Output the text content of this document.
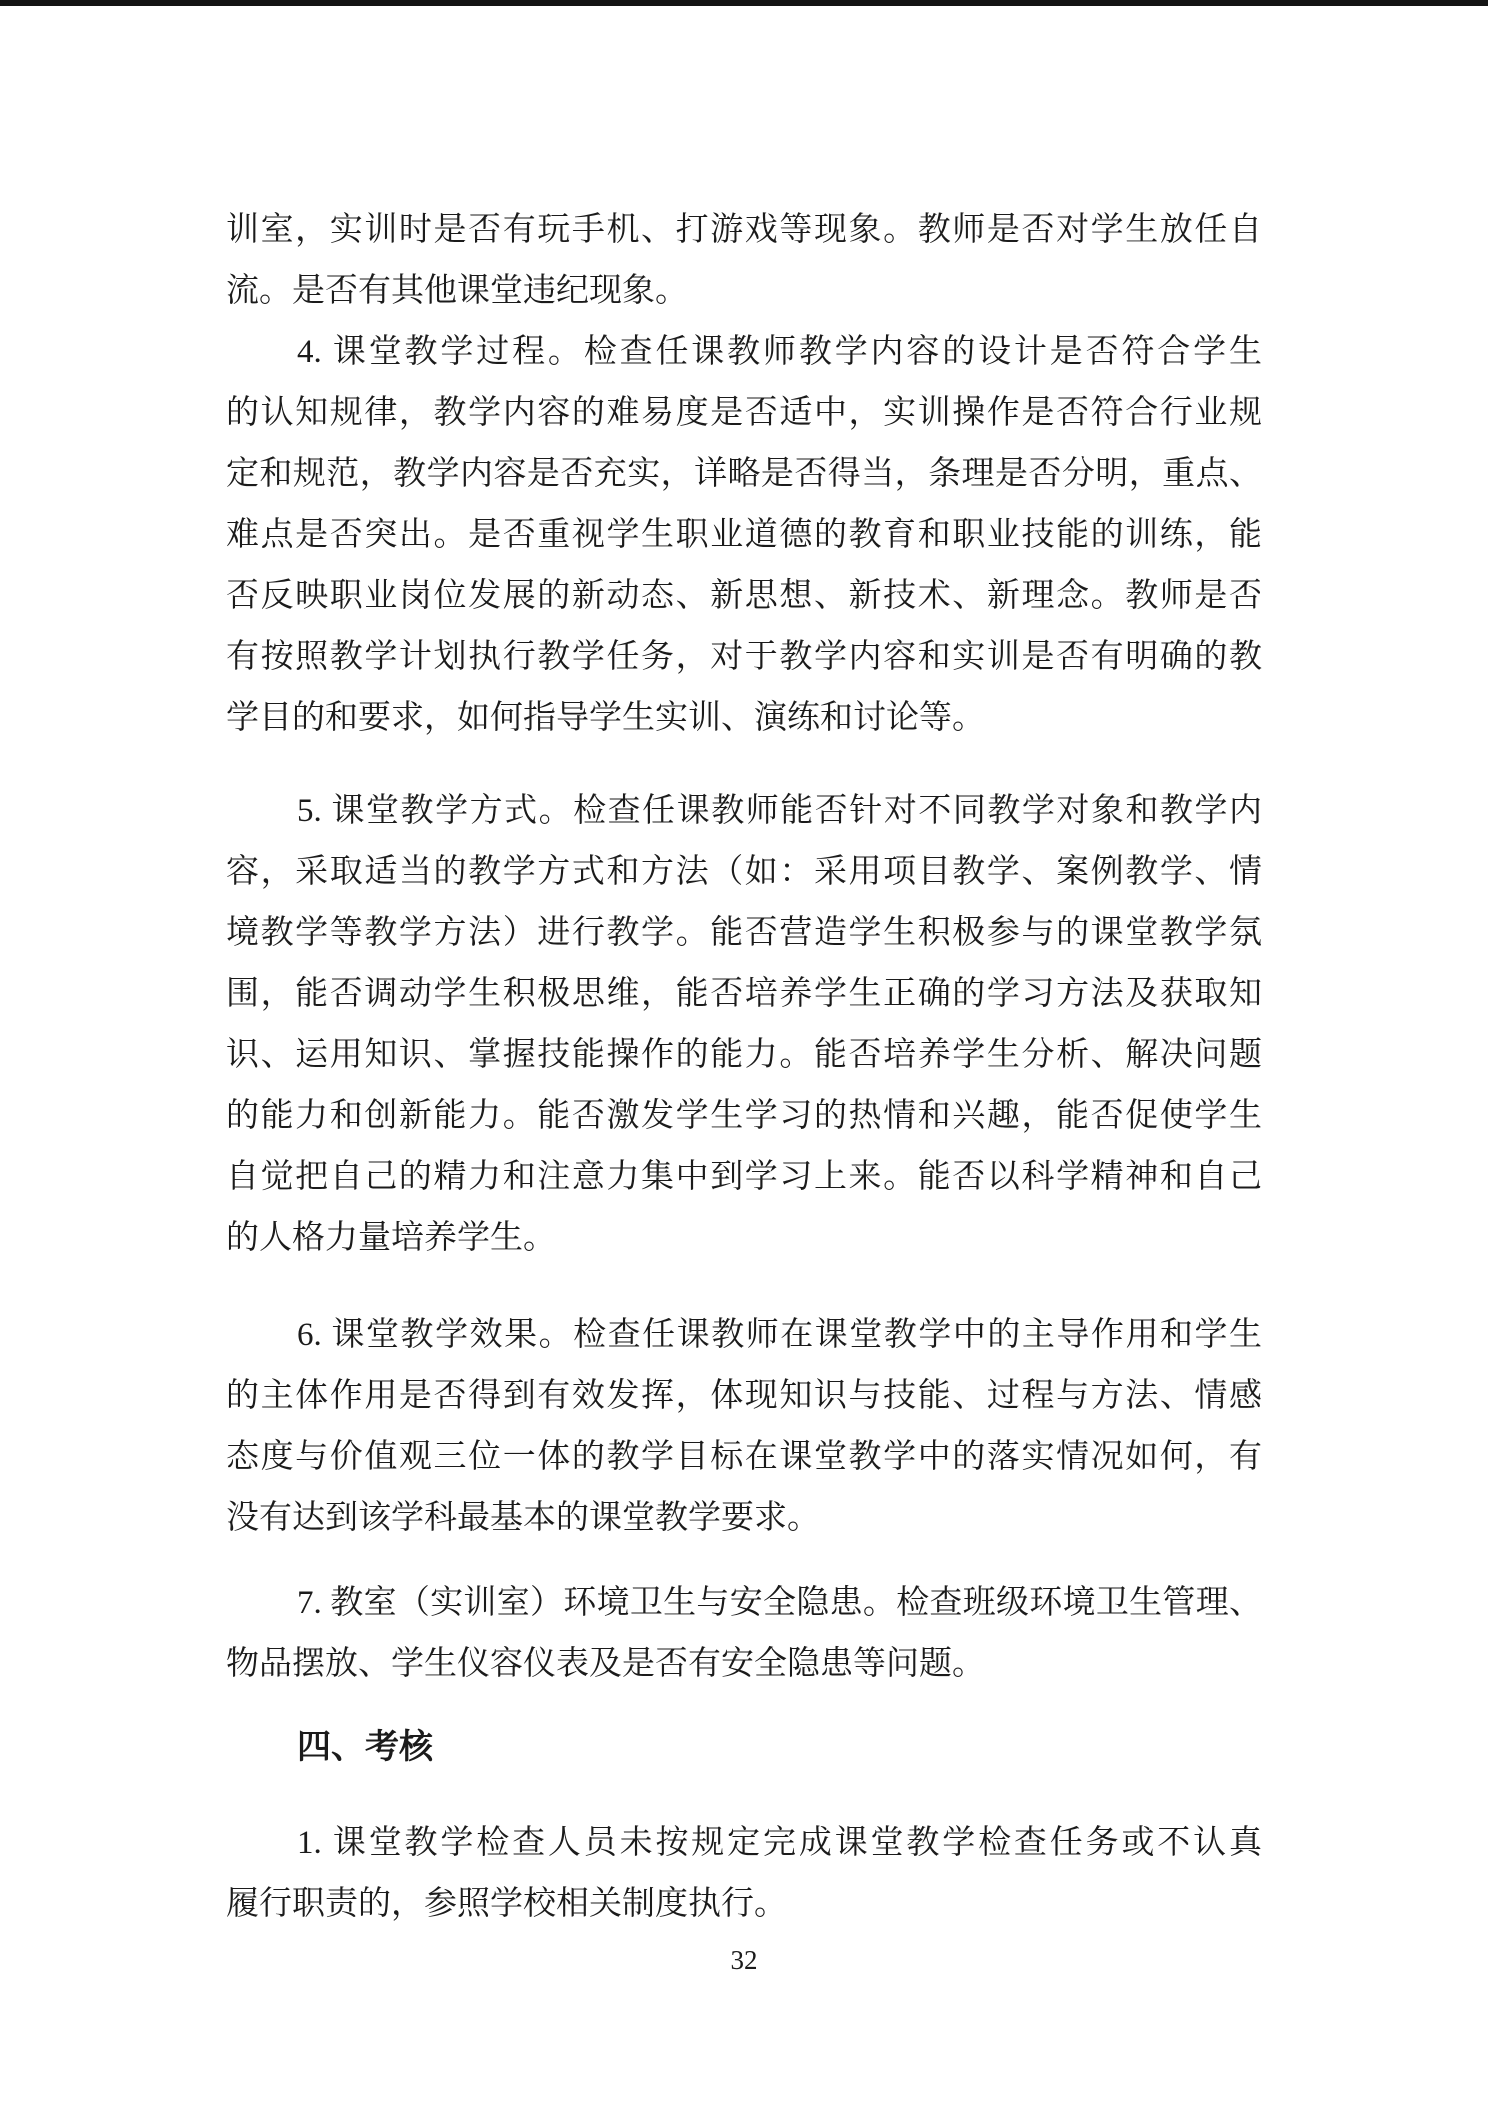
训室，实训时是否有玩手机、打游戏等现象。教师是否对学生放任自
流。是否有其他课堂违纪现象。

4. 课堂教学过程。检查任课教师教学内容的设计是否符合学生
的认知规律，教学内容的难易度是否适中，实训操作是否符合行业规
定和规范，教学内容是否充实，详略是否得当，条理是否分明，重点、
难点是否突出。是否重视学生职业道德的教育和职业技能的训练，能
否反映职业岗位发展的新动态、新思想、新技术、新理念。教师是否
有按照教学计划执行教学任务，对于教学内容和实训是否有明确的教
学目的和要求，如何指导学生实训、演练和讨论等。

5. 课堂教学方式。检查任课教师能否针对不同教学对象和教学内
容，采取适当的教学方式和方法（如：采用项目教学、案例教学、情
境教学等教学方法）进行教学。能否营造学生积极参与的课堂教学氛
围，能否调动学生积极思维，能否培养学生正确的学习方法及获取知
识、运用知识、掌握技能操作的能力。能否培养学生分析、解决问题
的能力和创新能力。能否激发学生学习的热情和兴趣，能否促使学生
自觉把自己的精力和注意力集中到学习上来。能否以科学精神和自己
的人格力量培养学生。

6. 课堂教学效果。检查任课教师在课堂教学中的主导作用和学生
的主体作用是否得到有效发挥，体现知识与技能、过程与方法、情感
态度与价值观三位一体的教学目标在课堂教学中的落实情况如何，有
没有达到该学科最基本的课堂教学要求。

7. 教室（实训室）环境卫生与安全隐患。检查班级环境卫生管理、
物品摆放、学生仪容仪表及是否有安全隐患等问题。

四、考核

1. 课堂教学检查人员未按规定完成课堂教学检查任务或不认真
履行职责的，参照学校相关制度执行。

32
